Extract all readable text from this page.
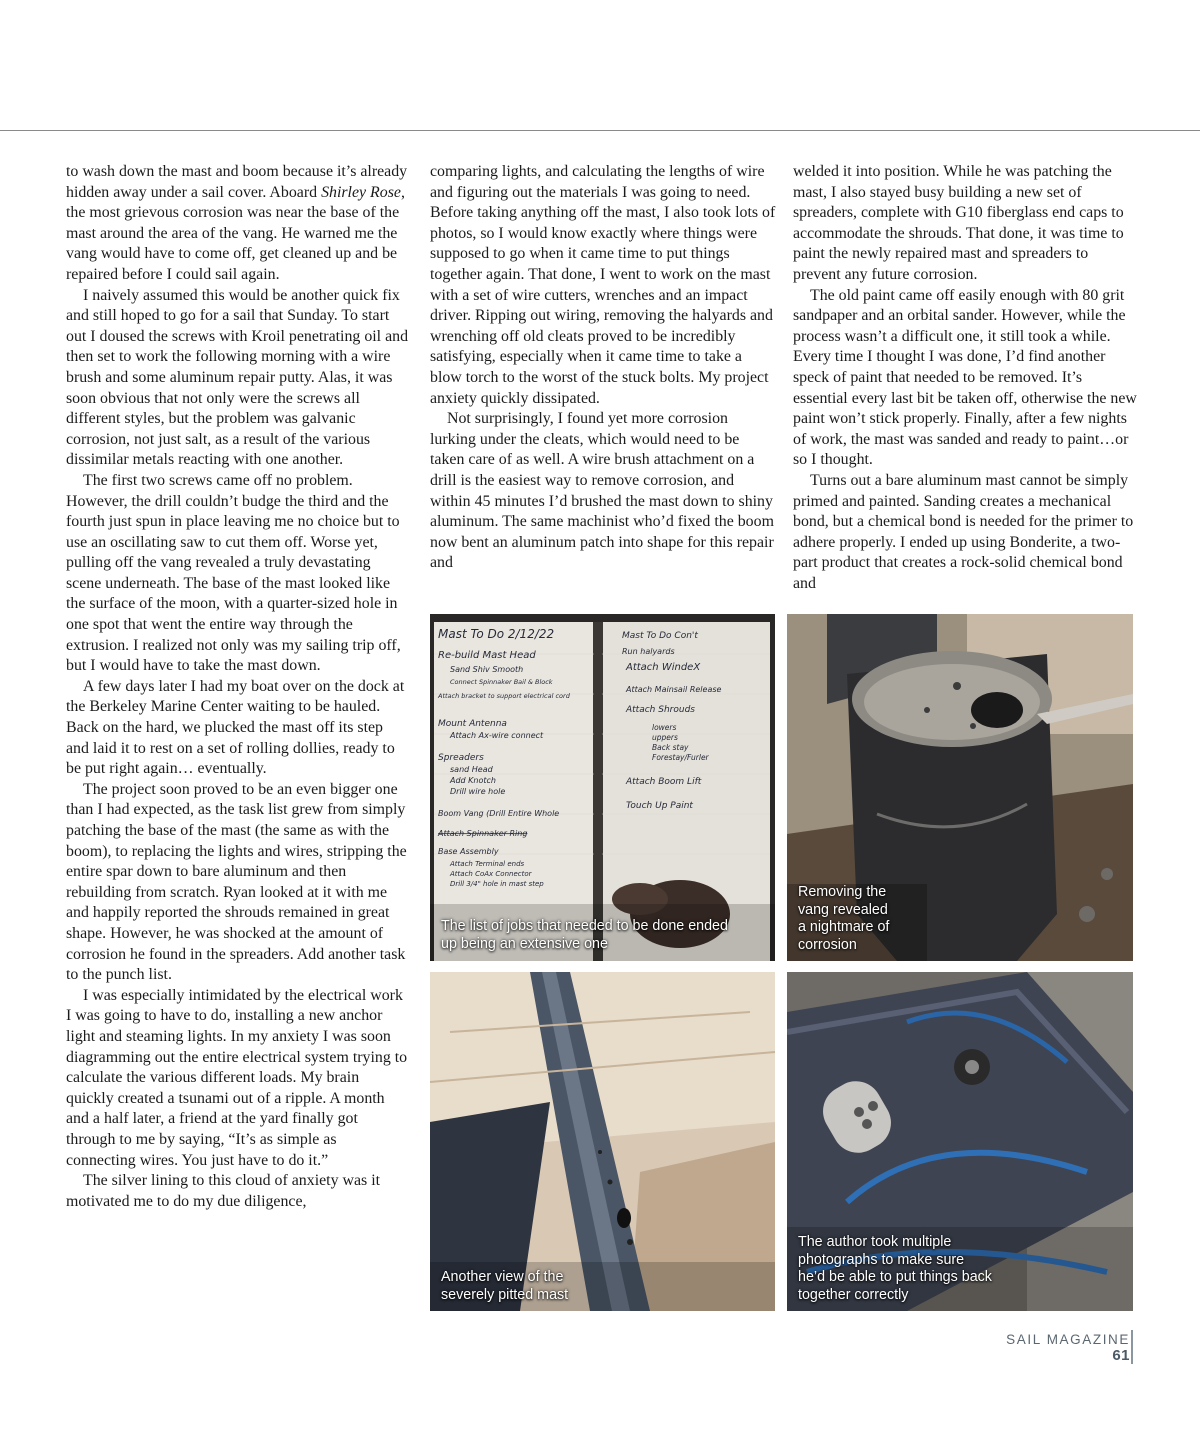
to wash down the mast and boom because it’s already hidden away under a sail cover. Aboard Shirley Rose, the most grievous corrosion was near the base of the mast around the area of the vang. He warned me the vang would have to come off, get cleaned up and be repaired before I could sail again.

I naively assumed this would be another quick fix and still hoped to go for a sail that Sunday. To start out I doused the screws with Kroil penetrating oil and then set to work the following morning with a wire brush and some aluminum repair putty. Alas, it was soon obvious that not only were the screws all different styles, but the problem was galvanic corrosion, not just salt, as a result of the various dissimilar metals reacting with one another.

The first two screws came off no problem. However, the drill couldn’t budge the third and the fourth just spun in place leaving me no choice but to use an oscillating saw to cut them off. Worse yet, pulling off the vang revealed a truly devastating scene underneath. The base of the mast looked like the surface of the moon, with a quarter-sized hole in one spot that went the entire way through the extrusion. I realized not only was my sailing trip off, but I would have to take the mast down.

A few days later I had my boat over on the dock at the Berkeley Marine Center waiting to be hauled. Back on the hard, we plucked the mast off its step and laid it to rest on a set of rolling dollies, ready to be put right again… eventually.

The project soon proved to be an even bigger one than I had expected, as the task list grew from simply patching the base of the mast (the same as with the boom), to replacing the lights and wires, stripping the entire spar down to bare aluminum and then rebuilding from scratch. Ryan looked at it with me and happily reported the shrouds remained in great shape. However, he was shocked at the amount of corrosion he found in the spreaders. Add another task to the punch list.

I was especially intimidated by the electrical work I was going to have to do, installing a new anchor light and steaming lights. In my anxiety I was soon diagramming out the entire electrical system trying to calculate the various different loads. My brain quickly created a tsunami out of a ripple. A month and a half later, a friend at the yard finally got through to me by saying, “It’s as simple as connecting wires. You just have to do it.”

The silver lining to this cloud of anxiety was it motivated me to do my due diligence,

comparing lights, and calculating the lengths of wire and figuring out the materials I was going to need. Before taking anything off the mast, I also took lots of photos, so I would know exactly where things were supposed to go when it came time to put things together again. That done, I went to work on the mast with a set of wire cutters, wrenches and an impact driver. Ripping out wiring, removing the halyards and wrenching off old cleats proved to be incredibly satisfying, especially when it came time to take a blow torch to the worst of the stuck bolts. My project anxiety quickly dissipated.

Not surprisingly, I found yet more corrosion lurking under the cleats, which would need to be taken care of as well. A wire brush attachment on a drill is the easiest way to remove corrosion, and within 45 minutes I’d brushed the mast down to shiny aluminum. The same machinist who’d fixed the boom now bent an aluminum patch into shape for this repair and

welded it into position. While he was patching the mast, I also stayed busy building a new set of spreaders, complete with G10 fiberglass end caps to accommodate the shrouds. That done, it was time to paint the newly repaired mast and spreaders to prevent any future corrosion.

The old paint came off easily enough with 80 grit sandpaper and an orbital sander. However, while the process wasn’t a difficult one, it still took a while. Every time I thought I was done, I’d find another speck of paint that needed to be removed. It’s essential every last bit be taken off, otherwise the new paint won’t stick properly. Finally, after a few nights of work, the mast was sanded and ready to paint…or so I thought.

Turns out a bare aluminum mast cannot be simply primed and painted. Sanding creates a mechanical bond, but a chemical bond is needed for the primer to adhere properly. I ended up using Bonderite, a two-part product that creates a rock-solid chemical bond and

Mast To Do 2/12/22
Re-build Mast Head
Sand Shiv Smooth
Connect Spinnaker Bail & Block
Attach bracket to support electrical cord
Mount Antenna
Attach Ax-wire connect
Spreaders
sand Head
Add Knotch
Drill wire hole
Boom Vang (Drill Entire Whole
Attach Spinnaker Ring
Base Assembly
Attach Terminal ends
Attach CoAx Connector
Drill 3/4" hole in mast step
Mast To Do Con't
Run halyards
Attach WindeX
Attach Mainsail Release
Attach Shrouds
lowers
uppers
Back stay
Forestay/Furler
Attach Boom Lift
Touch Up Paint
The list of jobs that needed to be done ended
up being an extensive one
Removing the
vang revealed
a nightmare of
corrosion
Another view of the
severely pitted mast
The author took multiple
photographs to make sure
he’d be able to put things back
together correctly
SAIL MAGAZINE
61
